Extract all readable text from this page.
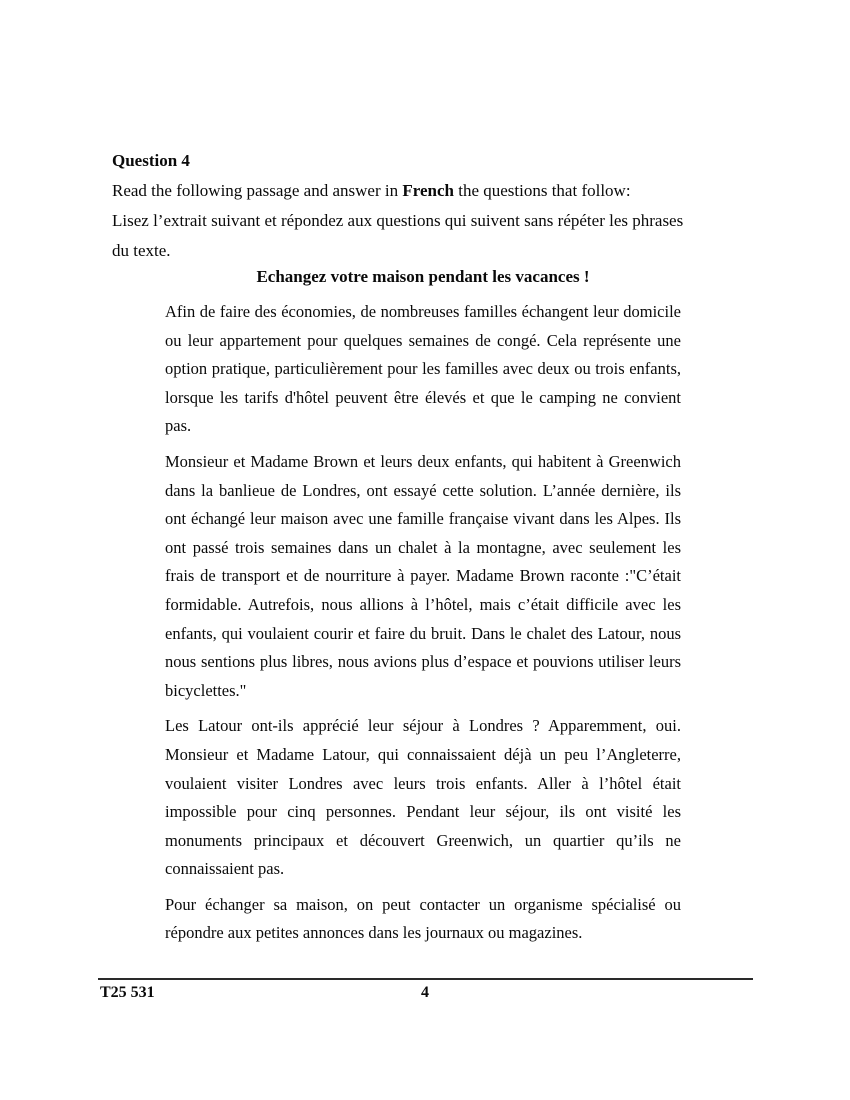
Question 4
Read the following passage and answer in French the questions that follow:
Lisez l’extrait suivant et répondez aux questions qui suivent sans répéter les phrases du texte.
Echangez votre maison pendant les vacances !

Afin de faire des économies, de nombreuses familles échangent leur domicile ou leur appartement pour quelques semaines de congé. Cela représente une option pratique, particulièrement pour les familles avec deux ou trois enfants, lorsque les tarifs d'hôtel peuvent être élevés et que le camping ne convient pas.

Monsieur et Madame Brown et leurs deux enfants, qui habitent à Greenwich dans la banlieue de Londres, ont essayé cette solution. L’année dernière, ils ont échangé leur maison avec une famille française vivant dans les Alpes. Ils ont passé trois semaines dans un chalet à la montagne, avec seulement les frais de transport et de nourriture à payer. Madame Brown raconte :"C’était formidable. Autrefois, nous allions à l’hôtel, mais c’était difficile avec les enfants, qui voulaient courir et faire du bruit. Dans le chalet des Latour, nous nous sentions plus libres, nous avions plus d’espace et pouvions utiliser leurs bicyclettes."

Les Latour ont-ils apprécié leur séjour à Londres ? Apparemment, oui. Monsieur et Madame Latour, qui connaissaient déjà un peu l’Angleterre, voulaient visiter Londres avec leurs trois enfants. Aller à l’hôtel était impossible pour cinq personnes. Pendant leur séjour, ils ont visité les monuments principaux et découvert Greenwich, un quartier qu’ils ne connaissaient pas.

Pour échanger sa maison, on peut contacter un organisme spécialisé ou répondre aux petites annonces dans les journaux ou magazines.

T25 531	4
